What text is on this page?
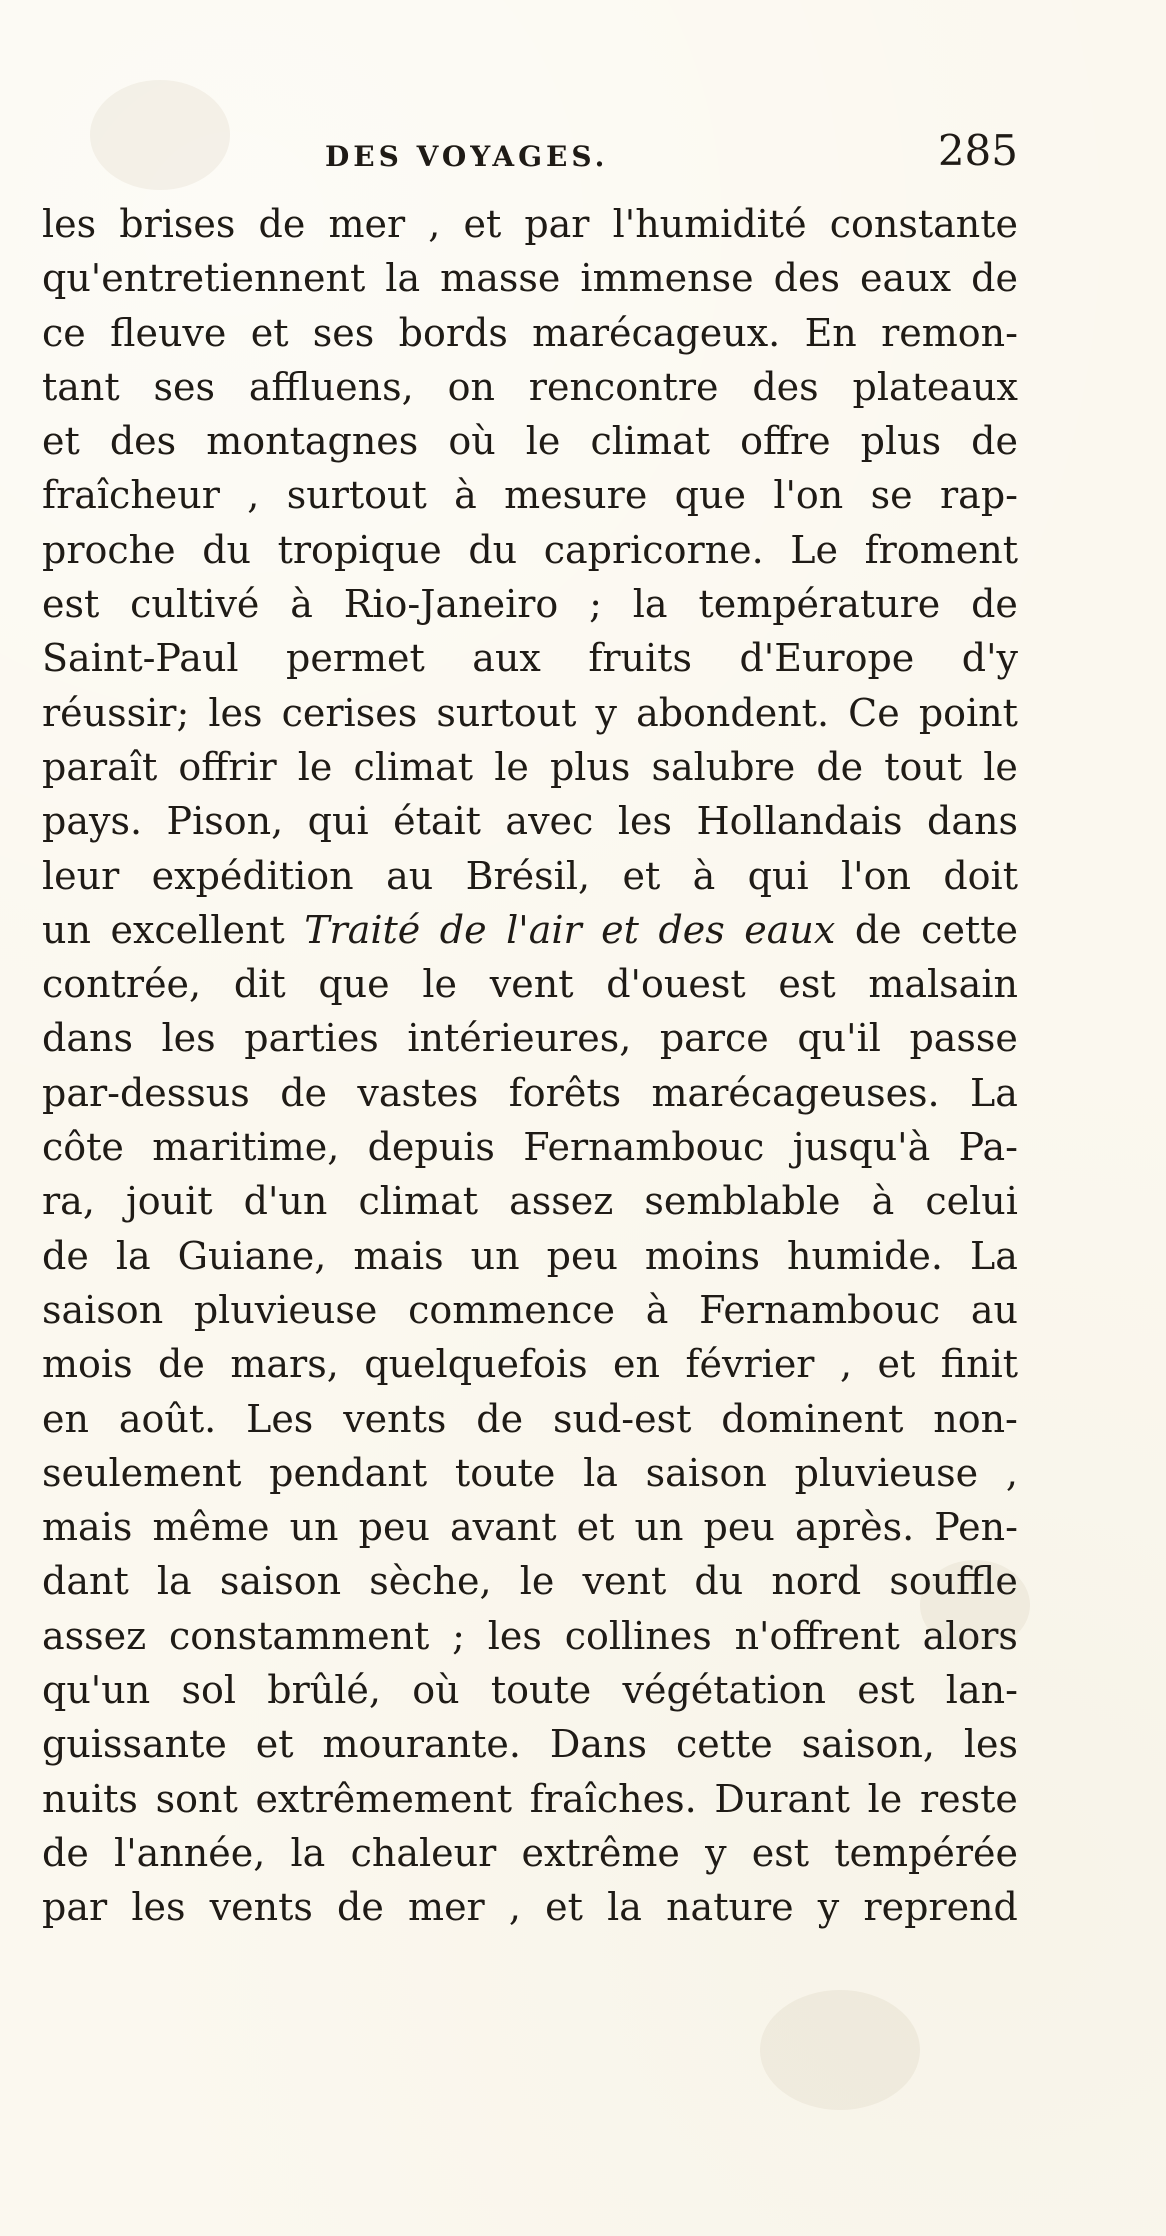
DES VOYAGES.	285
les brises de mer , et par l'humidité constante
qu'entretiennent la masse immense des eaux de
ce fleuve et ses bords marécageux. En remon-
tant ses affluens, on rencontre des plateaux
et des montagnes où le climat offre plus de
fraîcheur , surtout à mesure que l'on se rap-
proche du tropique du capricorne. Le froment
est cultivé à Rio-Janeiro ; la température de
Saint-Paul permet aux fruits d'Europe d'y
réussir; les cerises surtout y abondent. Ce point
paraît offrir le climat le plus salubre de tout le
pays. Pison, qui était avec les Hollandais dans
leur expédition au Brésil, et à qui l'on doit
un excellent Traité de l'air et des eaux de cette
contrée, dit que le vent d'ouest est malsain
dans les parties intérieures, parce qu'il passe
par-dessus de vastes forêts marécageuses. La
côte maritime, depuis Fernambouc jusqu'à Pa-
ra, jouit d'un climat assez semblable à celui
de la Guiane, mais un peu moins humide. La
saison pluvieuse commence à Fernambouc au
mois de mars, quelquefois en février , et finit
en août. Les vents de sud-est dominent non-
seulement pendant toute la saison pluvieuse ,
mais même un peu avant et un peu après. Pen-
dant la saison sèche, le vent du nord souffle
assez constamment ; les collines n'offrent alors
qu'un sol brûlé, où toute végétation est lan-
guissante et mourante. Dans cette saison, les
nuits sont extrêmement fraîches. Durant le reste
de l'année, la chaleur extrême y est tempérée
par les vents de mer , et la nature y reprend
